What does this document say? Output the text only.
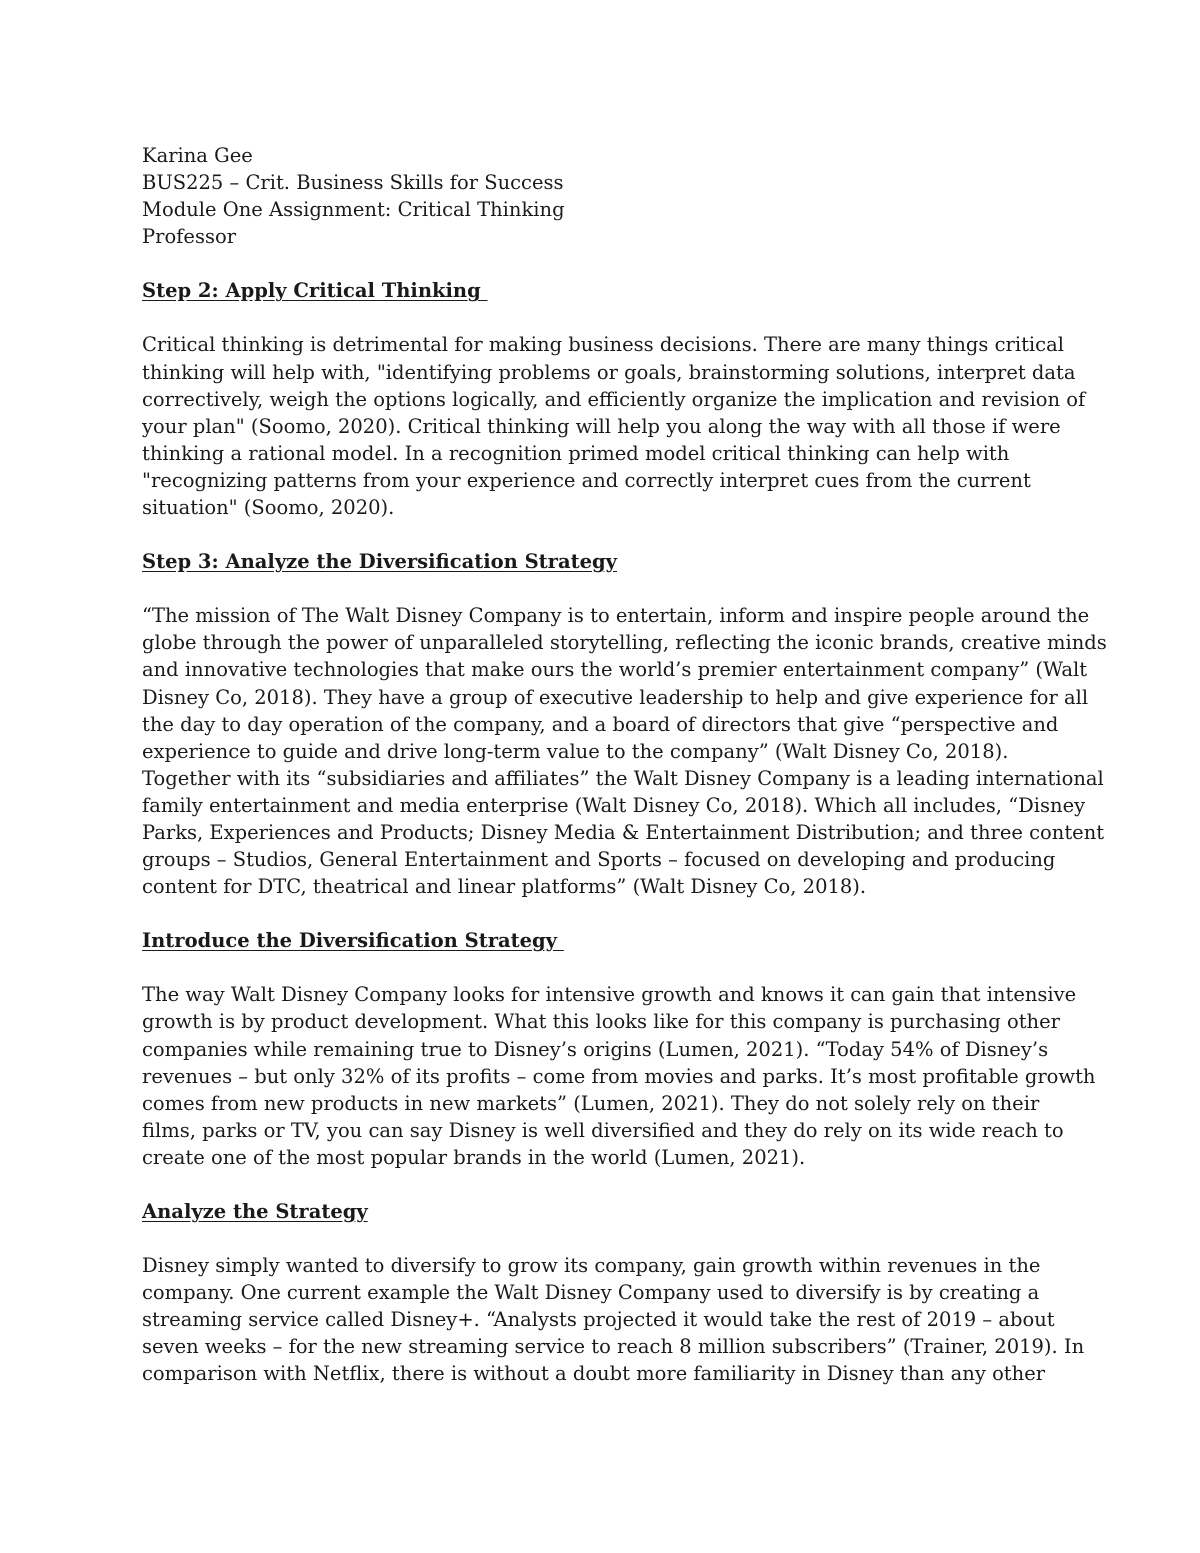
Karina Gee
BUS225 – Crit. Business Skills for Success
Module One Assignment: Critical Thinking
Professor
Step 2: Apply Critical Thinking
Critical thinking is detrimental for making business decisions. There are many things critical
thinking will help with, "identifying problems or goals, brainstorming solutions, interpret data
correctively, weigh the options logically, and efficiently organize the implication and revision of
your plan" (Soomo, 2020). Critical thinking will help you along the way with all those if were
thinking a rational model. In a recognition primed model critical thinking can help with
"recognizing patterns from your experience and correctly interpret cues from the current
situation" (Soomo, 2020).
Step 3: Analyze the Diversification Strategy
“The mission of The Walt Disney Company is to entertain, inform and inspire people around the
globe through the power of unparalleled storytelling, reflecting the iconic brands, creative minds
and innovative technologies that make ours the world’s premier entertainment company” (Walt
Disney Co, 2018). They have a group of executive leadership to help and give experience for all
the day to day operation of the company, and a board of directors that give “perspective and
experience to guide and drive long-term value to the company” (Walt Disney Co, 2018).
Together with its “subsidiaries and affiliates” the Walt Disney Company is a leading international
family entertainment and media enterprise (Walt Disney Co, 2018). Which all includes, “Disney
Parks, Experiences and Products; Disney Media & Entertainment Distribution; and three content
groups – Studios, General Entertainment and Sports – focused on developing and producing
content for DTC, theatrical and linear platforms” (Walt Disney Co, 2018).
Introduce the Diversification Strategy
The way Walt Disney Company looks for intensive growth and knows it can gain that intensive
growth is by product development. What this looks like for this company is purchasing other
companies while remaining true to Disney’s origins (Lumen, 2021). “Today 54% of Disney’s
revenues – but only 32% of its profits – come from movies and parks. It’s most profitable growth
comes from new products in new markets” (Lumen, 2021). They do not solely rely on their
films, parks or TV, you can say Disney is well diversified and they do rely on its wide reach to
create one of the most popular brands in the world (Lumen, 2021).
Analyze the Strategy
Disney simply wanted to diversify to grow its company, gain growth within revenues in the
company. One current example the Walt Disney Company used to diversify is by creating a
streaming service called Disney+. “Analysts projected it would take the rest of 2019 – about
seven weeks – for the new streaming service to reach 8 million subscribers” (Trainer, 2019). In
comparison with Netflix, there is without a doubt more familiarity in Disney than any other
